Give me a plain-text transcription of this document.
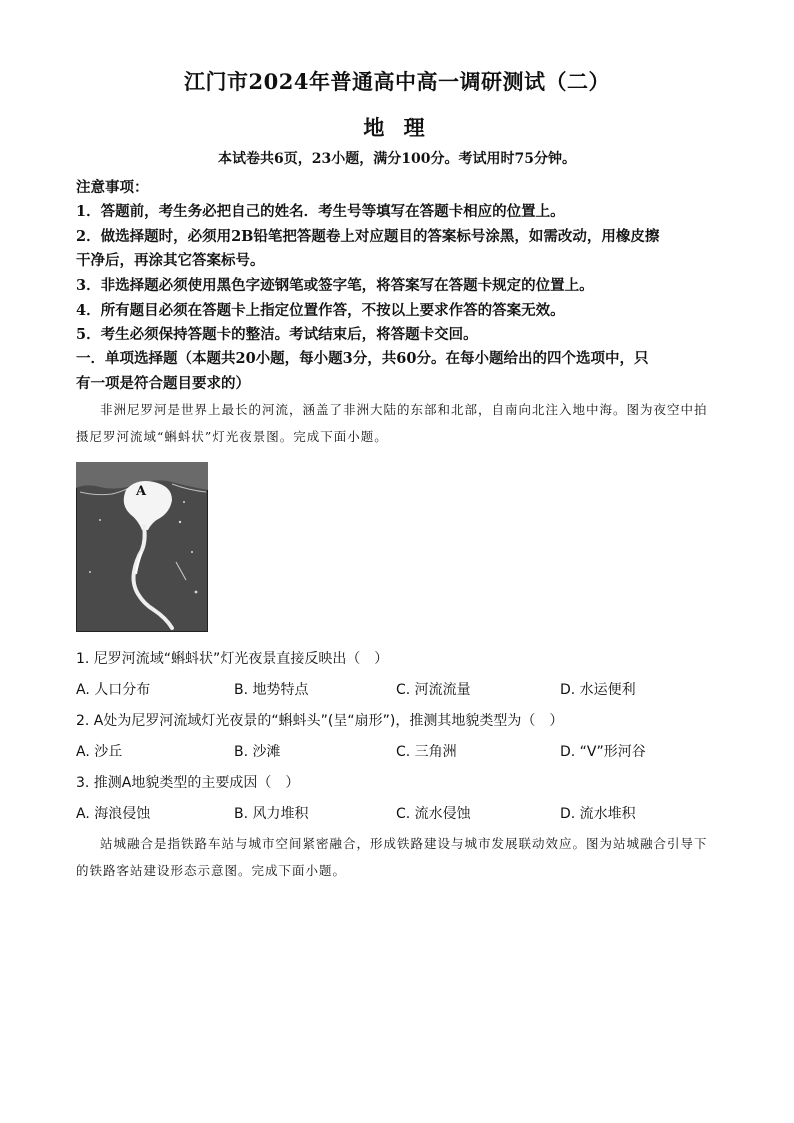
江门市2024年普通高中高一调研测试（二）
地 理
本试卷共6页，23小题，满分100分。考试用时75分钟。
注意事项：
1．答题前，考生务必把自己的姓名．考生号等填写在答题卡相应的位置上。
2．做选择题时，必须用2B铅笔把答题卷上对应题目的答案标号涂黑，如需改动，用橡皮擦
干净后，再涂其它答案标号。
3．非选择题必须使用黑色字迹钢笔或签字笔，将答案写在答题卡规定的位置上。
4．所有题目必须在答题卡上指定位置作答，不按以上要求作答的答案无效。
5．考生必须保持答题卡的整洁。考试结束后，将答题卡交回。
一．单项选择题（本题共20小题，每小题3分，共60分。在每小题给出的四个选项中，只
有一项是符合题目要求的）
非洲尼罗河是世界上最长的河流，涵盖了非洲大陆的东部和北部，自南向北注入地中海。图为夜空中拍摄尼罗河流域“蝌蚪状”灯光夜景图。完成下面小题。
A
1. 尼罗河流域“蝌蚪状”灯光夜景直接反映出（　）
A. 人口分布	B. 地势特点	C. 河流流量	D. 水运便利
2. A处为尼罗河流域灯光夜景的“蝌蚪头”(呈“扇形”)，推测其地貌类型为（　）
A. 沙丘	B. 沙滩	C. 三角洲	D. “V”形河谷
3. 推测A地貌类型的主要成因（　）
A. 海浪侵蚀	B. 风力堆积	C. 流水侵蚀	D. 流水堆积
站城融合是指铁路车站与城市空间紧密融合，形成铁路建设与城市发展联动效应。图为站城融合引导下的铁路客站建设形态示意图。完成下面小题。
